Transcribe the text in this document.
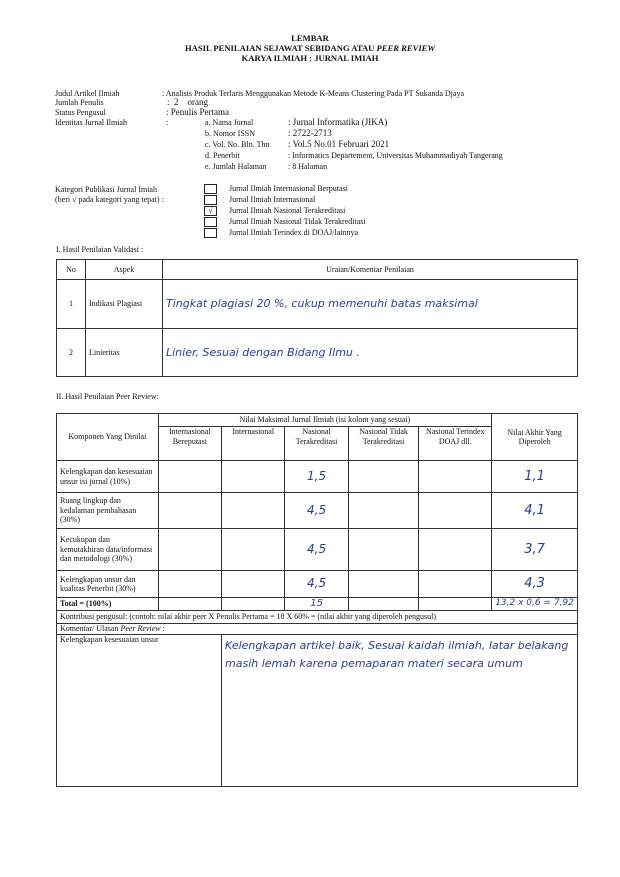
LEMBAR
HASIL PENILAIAN SEJAWAT SEBIDANG ATAU PEER REVIEW
KARYA ILMIAH : JURNAL IMIAH
Judul Artikel Ilmiah	: Analisis Produk Terlaris Menggunakan Metode K-Means Clustering Pada PT Sukanda Djaya
Jumlah Penulis	:  2    orang
Status Pengusul	: Penulis Pertama
Identitas Jurnal Ilmiah	:	a. Nama Jurnal	: Jurnal Informatika (JIKA)
b. Nomor ISSN	: 2722-2713
c. Vol. No. Bln. Thn : Vol.5 No.01 Februari 2021
d. Penerbit	: Informatics Departement, Universitas Muhammadiyah Tangerang
e. Jumlah Halaman	: 8 Halaman
Kategori Publikasi Jurnal Imiah
(beri √ pada kategori yang tepat) :
Jurnal Ilmiah Internasional Berputasi
Jurnal Ilmiah Internasional
√ Jurnal Ilmiah Nasional Terakreditasi
Jurnal Ilmiah Nasional Tidak Terakreditasi
Jurnal Ilmiah Terindex di DOAJ/lainnya
I. Hasil Penilaian Validasi :
No	Aspek	Uraian/Komentar Penilaian
1	Indikasi Plagiasi	Tingkat plagiasi 20 %, cukup memenuhi batas maksimal
2	Linieritas	Linier, Sesuai dengan Bidang Ilmu .
II. Hasil Penilaian Peer Review:
Komponen Yang Dinilai	Nilai Maksimal Jurnal Ilmiah (isi kolom yang sesuai)					Nilai Akhir Yang Diperoleh
	Internasional Bereputasi	Internasional	Nasional Terakreditasi	Nasional Tidak Terakreditasi	Nasional Terindex DOAJ dll.	
Kelengkapan dan kesesuaian unsur isi jurnal (10%)			1,5			1,1
Ruang lingkup dan kedalaman pembahasan (30%)			4,5			4,1
Kecukupan dan kemutakhiran data/informasi dan metodologi (30%)			4,5			3,7
Kelengkapan unsur dan kualitas Penerbit (30%)			4,5			4,3
Total = (100%)			15			13,2 x 0,6 = 7,92
Kontribusi pengusul: (contoh: nilai akhir peer X Penulis Pertama = 18 X 60% = (nilai akhir yang diperoleh pengusul)						
Komentar/ Ulasan Peer Review :						
Kelengkapan kesesuaian unsur		Kelengkapan artikel baik, Sesuai kaidah ilmiah, latar belakang masih lemah karena pemaparan materi secara umum				
